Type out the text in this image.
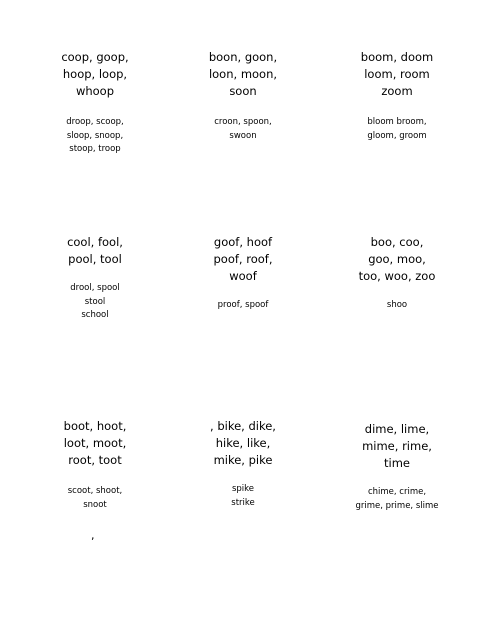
coop, goop,
hoop, loop,
whoop
droop, scoop,
sloop, snoop,
stoop, troop
boon, goon,
loon, moon,
soon
croon, spoon,
swoon
boom, doom
loom, room
zoom
bloom broom,
gloom, groom
cool, fool,
pool, tool
drool, spool
stool
school
goof, hoof
poof, roof,
woof
proof, spoof
boo, coo,
goo, moo,
too, woo, zoo
shoo
boot, hoot,
loot, moot,
root, toot
scoot, shoot,
snoot
, bike, dike,
hike, like,
mike, pike
spike
strike
dime, lime,
mime, rime,
time
chime, crime,
grime, prime, slime
,
